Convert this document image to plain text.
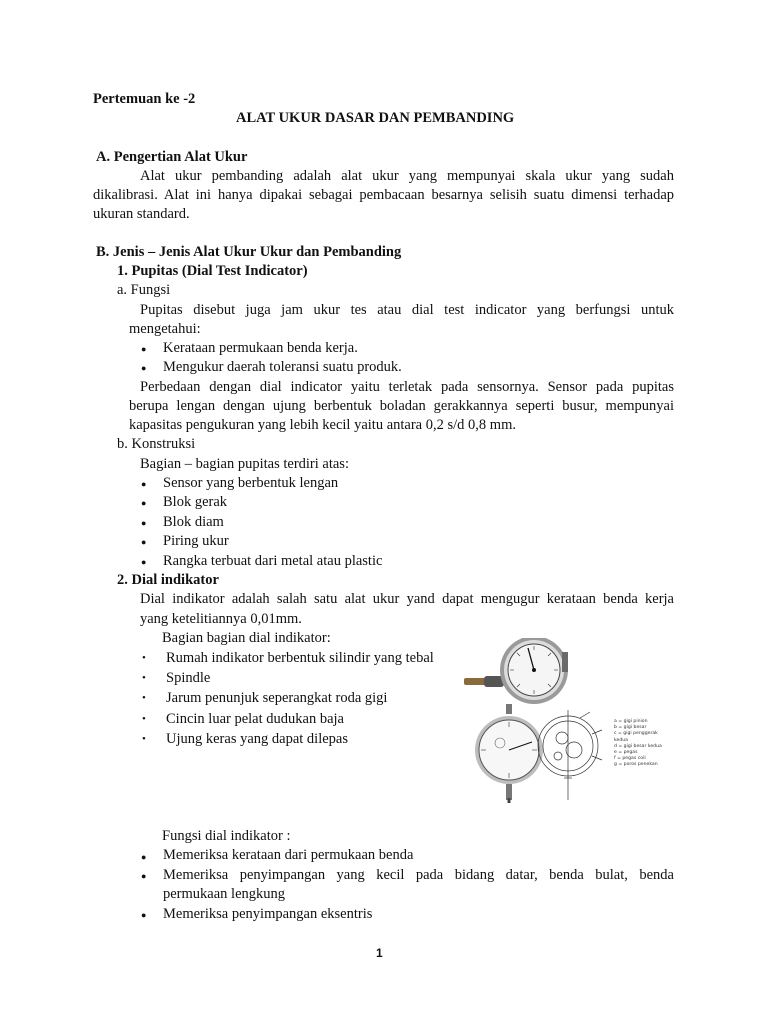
Pertemuan ke -2
ALAT UKUR DASAR DAN PEMBANDING
A. Pengertian Alat Ukur
Alat ukur pembanding adalah alat ukur yang mempunyai skala ukur yang sudah
dikalibrasi. Alat ini hanya dipakai sebagai pembacaan besarnya selisih suatu dimensi terhadap
ukuran standard.
B. Jenis – Jenis Alat Ukur Ukur dan Pembanding
1. Pupitas (Dial Test Indicator)
a. Fungsi
Pupitas disebut juga jam ukur tes atau dial test indicator yang berfungsi untuk
mengetahui:
● Kerataan permukaan benda kerja.
● Mengukur daerah toleransi suatu produk.
Perbedaan dengan dial indicator yaitu terletak pada sensornya. Sensor pada pupitas
berupa lengan dengan ujung berbentuk boladan gerakkannya seperti busur, mempunyai
kapasitas pengukuran yang lebih kecil yaitu antara 0,2 s/d 0,8 mm.
b. Konstruksi
Bagian – bagian pupitas terdiri atas:
● Sensor yang berbentuk lengan
● Blok gerak
● Blok diam
● Piring ukur
● Rangka terbuat dari metal atau plastic
2. Dial indikator
Dial indikator adalah salah satu alat ukur yand dapat mengugur kerataan benda kerja
yang ketelitiannya 0,01mm.
Bagian bagian dial indikator:
• Rumah indikator berbentuk silindir yang tebal
• Spindle
• Jarum penunjuk seperangkat roda gigi
• Cincin luar pelat dudukan baja
• Ujung keras yang dapat dilepas
a = gigi pinion
b = gigi besar
c = gigi penggerak
kedua
d = gigi besar kedua
e = pegas
f = pegas coil
g = poros penekan
Fungsi dial indikator :
● Memeriksa kerataan dari permukaan benda
● Memeriksa penyimpangan yang kecil pada bidang datar, benda bulat, benda
permukaan lengkung
● Memeriksa penyimpangan eksentris
1
